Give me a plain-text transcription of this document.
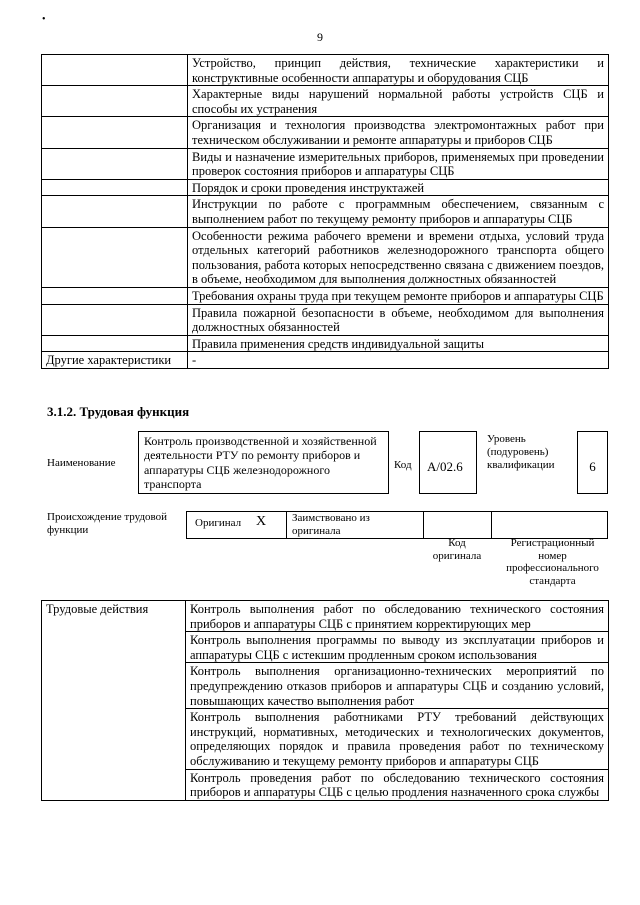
•
9
	Устройство, принцип действия, технические характеристики и конструктивные особенности аппаратуры и оборудования СЦБ
	Характерные виды нарушений нормальной работы устройств СЦБ и способы их устранения
	Организация и технология производства электромонтажных работ при техническом обслуживании и ремонте аппаратуры и приборов СЦБ
	Виды и назначение измерительных приборов, применяемых при проведении проверок состояния приборов и аппаратуры СЦБ
	Порядок и сроки проведения инструктажей
	Инструкции по работе с программным обеспечением, связанным с выполнением работ по текущему ремонту приборов и аппаратуры СЦБ
	Особенности режима рабочего времени и времени отдыха, условий труда отдельных категорий работников железнодорожного транспорта общего пользования, работа которых непосредственно связана с движением поездов, в объеме, необходимом для выполнения должностных обязанностей
	Требования охраны труда при текущем ремонте приборов и аппаратуры СЦБ
	Правила пожарной безопасности в объеме, необходимом для выполнения должностных обязанностей
	Правила применения средств индивидуальной защиты
Другие характеристики	-
3.1.2. Трудовая функция
Наименование
Контроль производственной и хозяйственной деятельности РТУ по ремонту приборов и аппаратуры СЦБ железнодорожного транспорта
Код	A/02.6
Уровень (подуровень) квалификации	6
Происхождение трудовой функции
Оригинал X Заимствовано из оригинала
Код оригинала
Регистрационный номер профессионального стандарта
Трудовые действия	Контроль выполнения работ по обследованию технического состояния приборов и аппаратуры СЦБ с принятием корректирующих мер
Контроль выполнения программы по выводу из эксплуатации приборов и аппаратуры СЦБ с истекшим продленным сроком использования
Контроль выполнения организационно-технических мероприятий по предупреждению отказов приборов и аппаратуры СЦБ и созданию условий, повышающих качество выполнения работ
Контроль выполнения работниками РТУ требований действующих инструкций, нормативных, методических и технологических документов, определяющих порядок и правила проведения работ по техническому обслуживанию и текущему ремонту приборов и аппаратуры СЦБ
Контроль проведения работ по обследованию технического состояния приборов и аппаратуры СЦБ с целью продления назначенного срока службы
